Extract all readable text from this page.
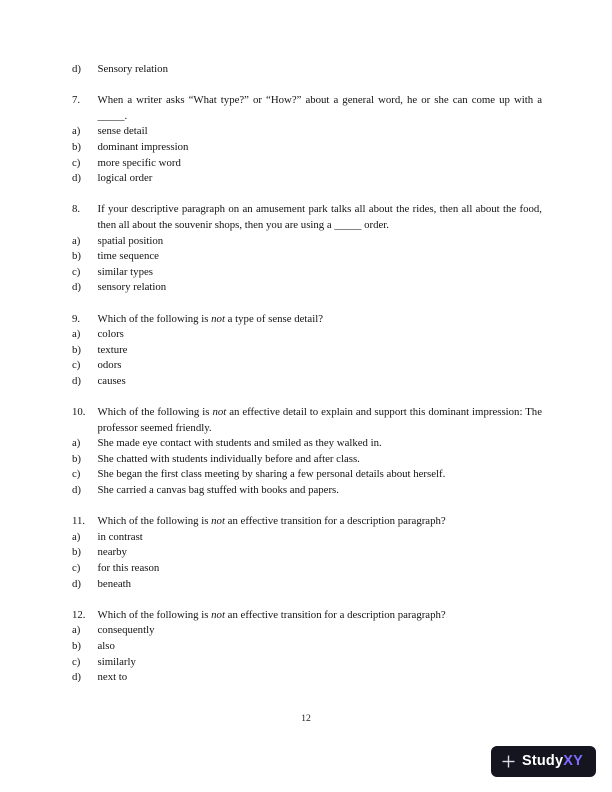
d)	Sensory relation
7.	When a writer asks “What type?” or “How?” about a general word, he or she can come up with a _____.
a)	sense detail
b)	dominant impression
c)	more specific word
d)	logical order
8.	If your descriptive paragraph on an amusement park talks all about the rides, then all about the food, then all about the souvenir shops, then you are using a _____ order.
a)	spatial position
b)	time sequence
c)	similar types
d)	sensory relation
9.	Which of the following is not a type of sense detail?
a)	colors
b)	texture
c)	odors
d)	causes
10.	Which of the following is not an effective detail to explain and support this dominant impression: The professor seemed friendly.
a)	She made eye contact with students and smiled as they walked in.
b)	She chatted with students individually before and after class.
c)	She began the first class meeting by sharing a few personal details about herself.
d)	She carried a canvas bag stuffed with books and papers.
11.	Which of the following is not an effective transition for a description paragraph?
a)	in contrast
b)	nearby
c)	for this reason
d)	beneath
12.	Which of the following is not an effective transition for a description paragraph?
a)	consequently
b)	also
c)	similarly
d)	next to
12
StudyXY
